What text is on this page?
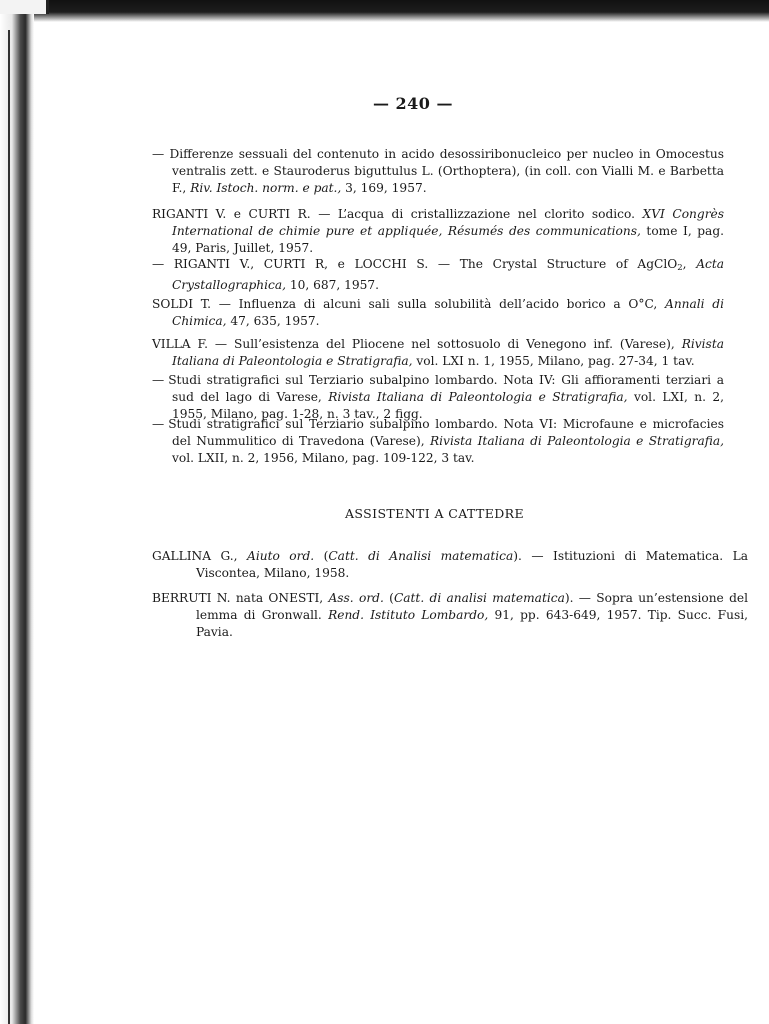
— 240 —
— Differenze sessuali del contenuto in acido desossiribonucleico per nucleo in Omocestus ventralis zett. e Stauroderus biguttulus L. (Orthoptera), (in coll. con Vialli M. e Barbetta F., Riv. Istoch. norm. e pat., 3, 169, 1957.
RIGANTI V. e CURTI R. — L’acqua di cristallizzazione nel clorito sodico. XVI Congrès International de chimie pure et appliquée, Résumés des communications, tome I, pag. 49, Paris, Juillet, 1957.
— RIGANTI V., CURTI R, e LOCCHI S. — The Crystal Structure of AgClO$_2$, Acta Crystallographica, 10, 687, 1957.
SOLDI T. — Influenza di alcuni sali sulla solubilità dell’acido borico a O°C, Annali di Chimica, 47, 635, 1957.
VILLA F. — Sull’esistenza del Pliocene nel sottosuolo di Venegono inf. (Varese), Rivista Italiana di Paleontologia e Stratigrafia, vol. LXI n. 1, 1955, Milano, pag. 27-34, 1 tav.
— Studi stratigrafici sul Terziario subalpino lombardo. Nota IV: Gli affioramenti terziari a sud del lago di Varese, Rivista Italiana di Paleontologia e Stratigrafia, vol. LXI, n. 2, 1955, Milano, pag. 1-28, n. 3 tav., 2 figg.
— Studi stratigrafici sul Terziario subalpino lombardo. Nota VI: Microfaune e microfacies del Nummulitico di Travedona (Varese), Rivista Italiana di Paleontologia e Stratigrafia, vol. LXII, n. 2, 1956, Milano, pag. 109-122, 3 tav.
ASSISTENTI A CATTEDRE
GALLINA G., Aiuto ord. (Catt. di Analisi matematica). — Istituzioni di Matematica. La Viscontea, Milano, 1958.
BERRUTI N. nata ONESTI, Ass. ord. (Catt. di analisi matematica). — Sopra un’estensione del lemma di Gronwall. Rend. Istituto Lombardo, 91, pp. 643-649, 1957. Tip. Succ. Fusi, Pavia.
